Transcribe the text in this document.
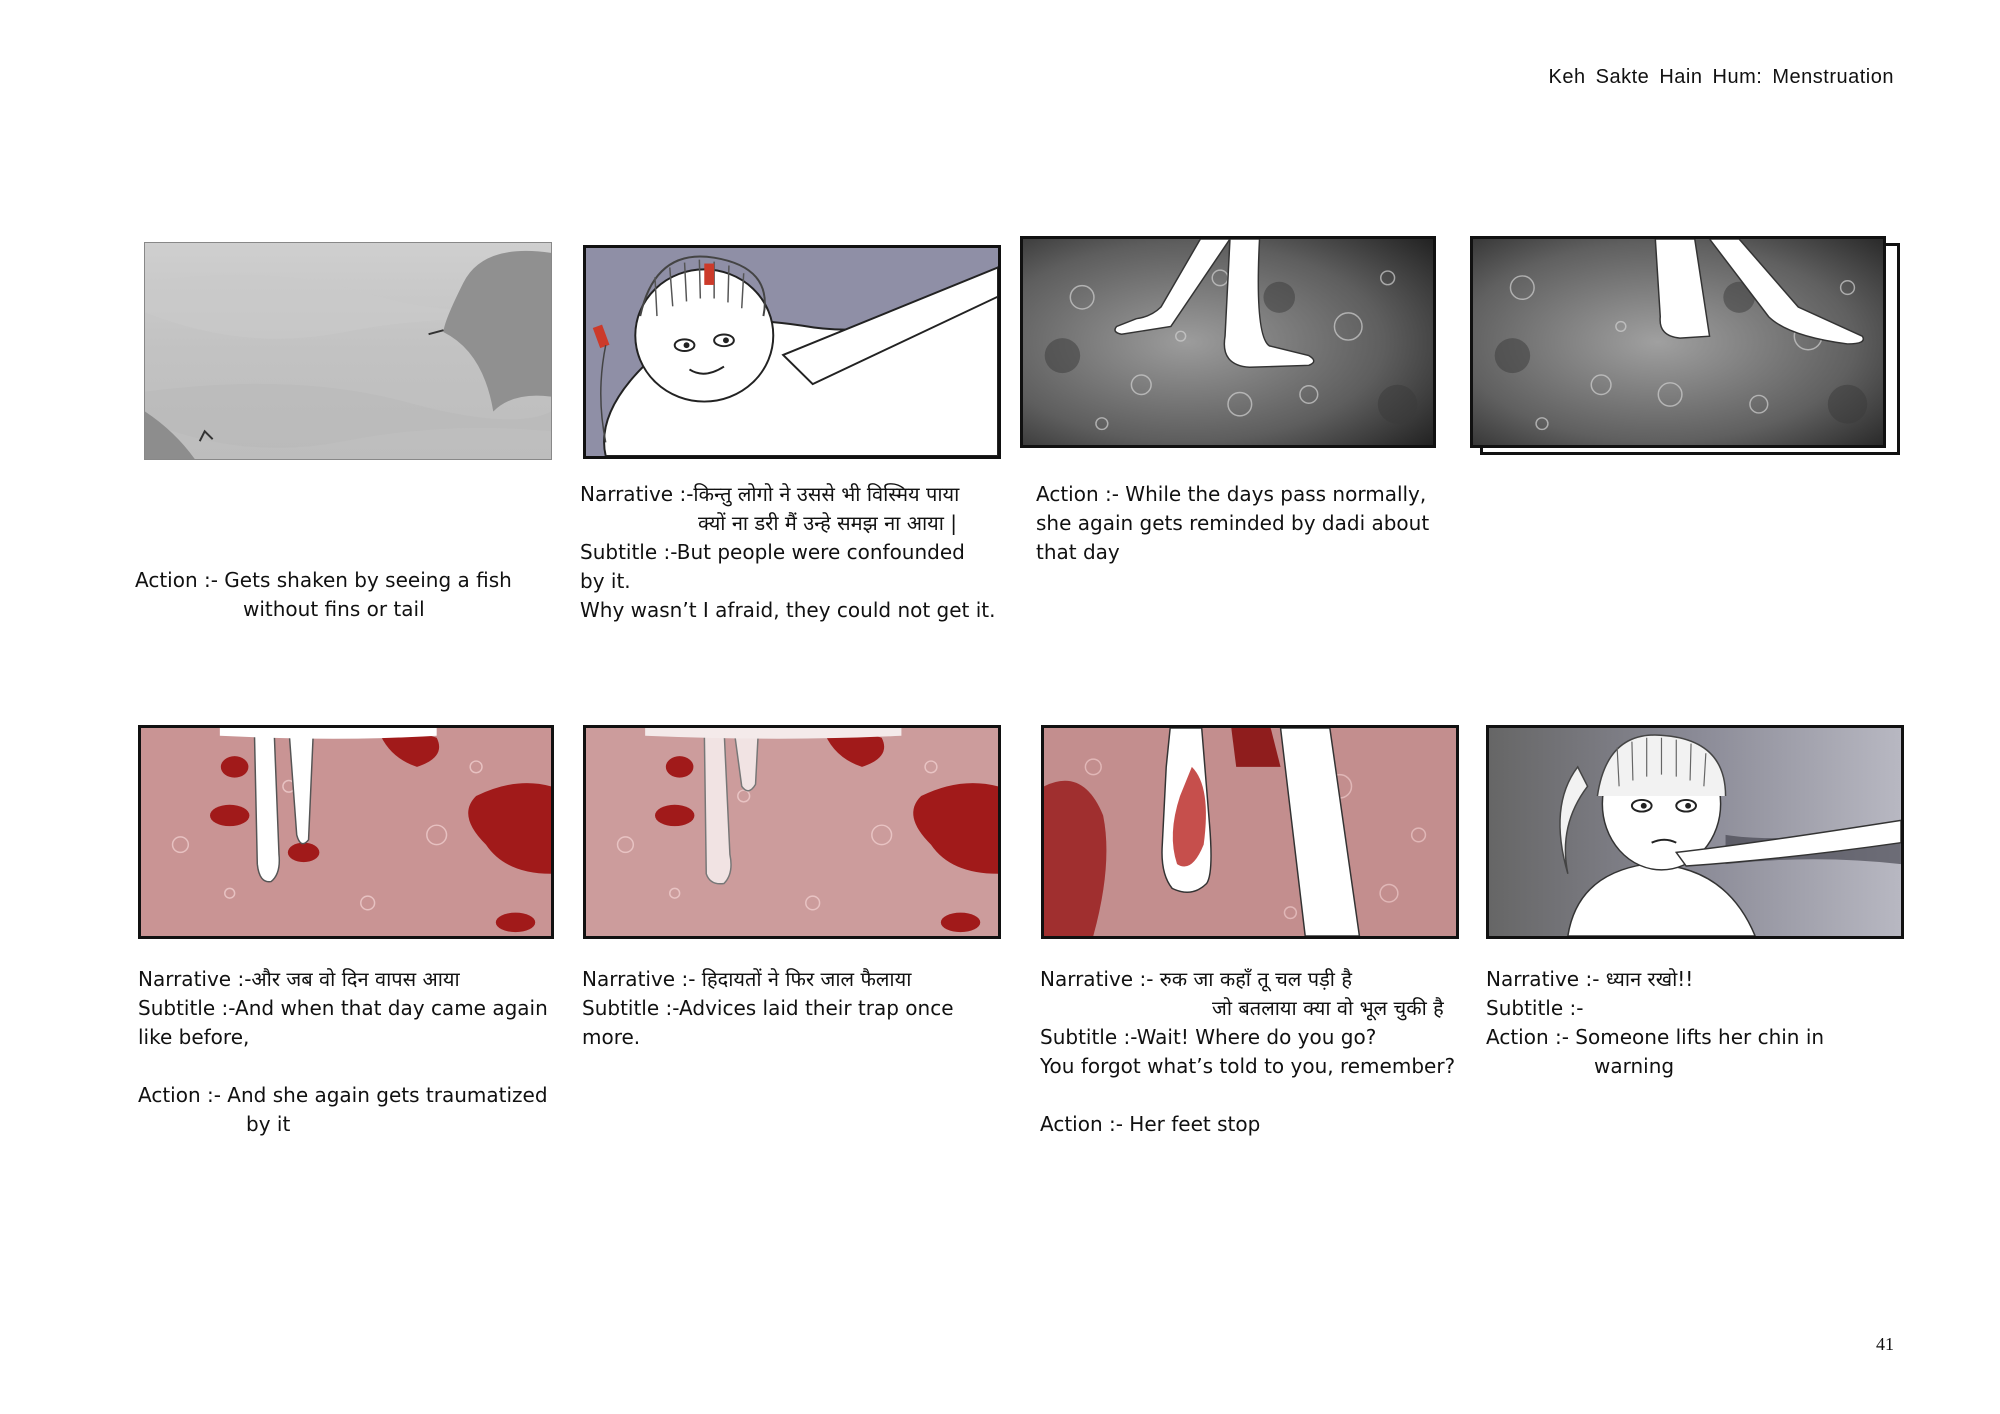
Keh Sakte Hain Hum: Menstruation
Action :- Gets shaken by seeing a fish
without fins or tail
Narrative :-किन्तु लोगो ने उससे भी विस्मिय पाया
क्यों ना डरी मैं उन्हे समझ ना आया |
Subtitle :-But people were confounded
by it.
Why wasn’t I afraid, they could not get it.
Action :- While the days pass normally,
she again gets reminded by dadi about
that day
Narrative :-और जब वो दिन वापस आया
Subtitle :-And when that day came again
like before,
Action :- And she again gets traumatized
by it
Narrative :- हिदायतों ने फिर जाल फैलाया
Subtitle :-Advices laid their trap once
more.
Narrative :- रुक जा कहाँ तू चल पड़ी है
जो बतलाया क्या वो भूल चुकी है
Subtitle :-Wait! Where do you go?
You forgot what’s told to you, remember?
Action :- Her feet stop
Narrative :- ध्यान रखो!!
Subtitle :-
Action :- Someone lifts her chin in
warning
41
